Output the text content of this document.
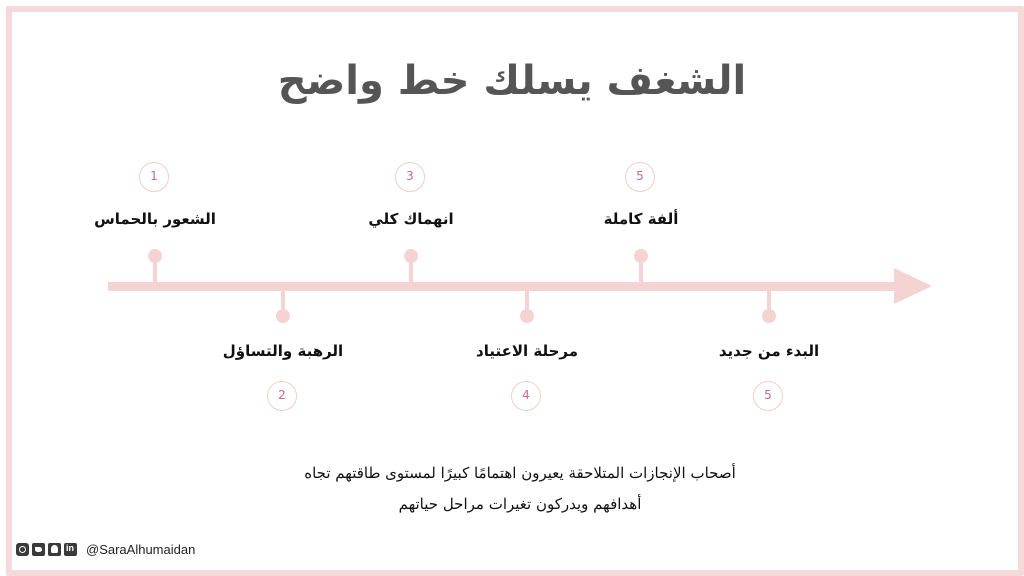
الشغف يسلك خط واضح
الشعور بالحماس
1
الرهبة والتساؤل
2
انهماك كلي
3
مرحلة الاعتياد
4
ألفة كاملة
5
البدء من جديد
5
أصحاب الإنجازات المتلاحقة يعيرون اهتمامًا كبيرًا لمستوى طاقتهم تجاه
أهدافهم ويدركون تغيرات مراحل حياتهم
in @SaraAlhumaidan
